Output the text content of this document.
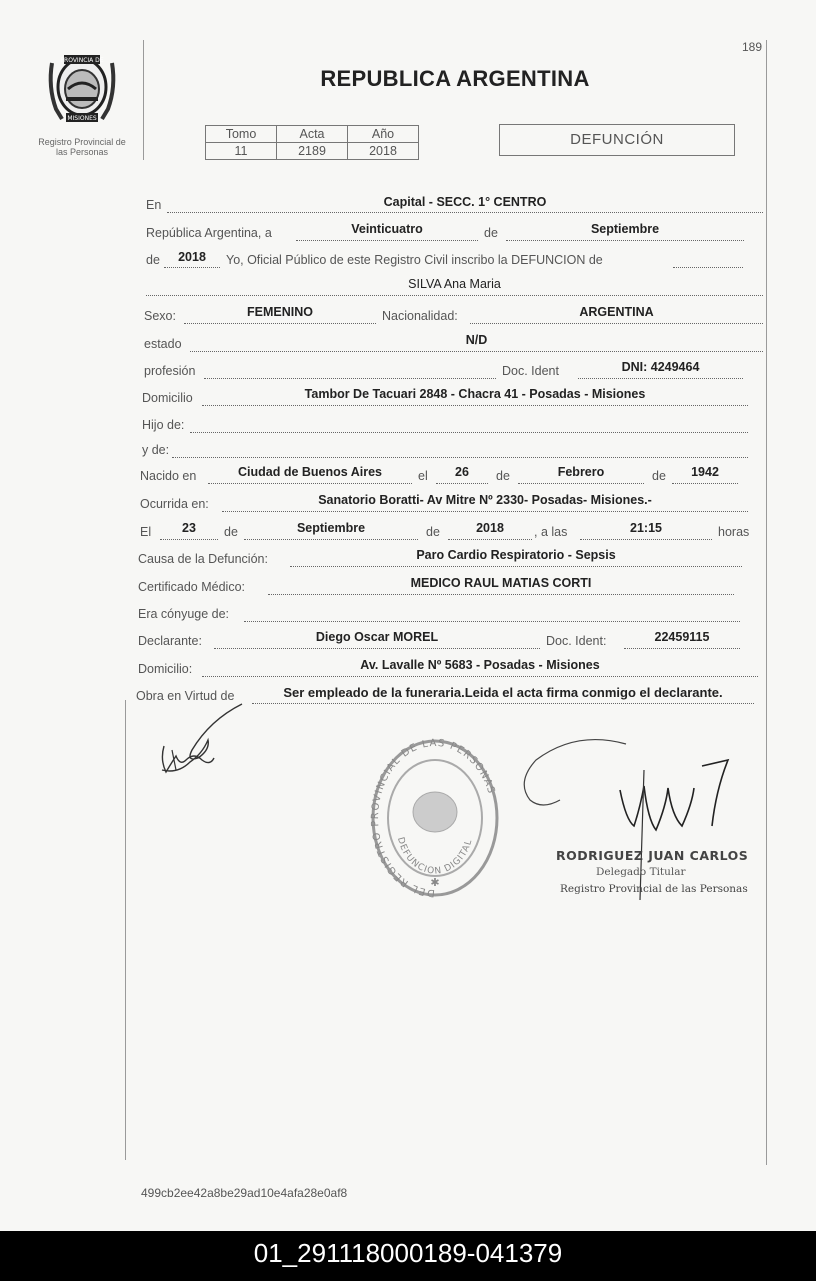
189
PROVINCIA DE
MISIONES
Registro Provincial de
las Personas
REPUBLICA ARGENTINA
Tomo	Acta	Año
11	2189	2018
DEFUNCIÓN
En	Capital - SECC. 1° CENTRO
República Argentina, a	Veinticuatro	de	Septiembre
de	2018	Yo, Oficial Público de este Registro Civil inscribo la DEFUNCION de
SILVA Ana Maria
Sexo:	FEMENINO	Nacionalidad:	ARGENTINA
estado	N/D
profesión	Doc. Ident	DNI: 4249464
Domicilio	Tambor De Tacuari 2848 - Chacra 41 - Posadas - Misiones
Hijo de:
y de:
Nacido en	Ciudad de Buenos Aires	el	26	de	Febrero	de	1942
Ocurrida en:	Sanatorio Boratti- Av Mitre Nº 2330- Posadas- Misiones.-
El	23	de	Septiembre	de	2018	, a las	21:15	horas
Causa de la Defunción:	Paro Cardio Respiratorio - Sepsis
Certificado Médico:	MEDICO RAUL MATIAS CORTI
Era cónyuge de:
Declarante:	Diego Oscar MOREL	Doc. Ident:	22459115
Domicilio:	Av. Lavalle Nº 5683 - Posadas - Misiones
Obra en Virtud de	Ser empleado de la funeraria.Leida el acta firma conmigo el declarante.
DEL REGISTRO PROVINCIAL DE LAS PERSONAS
DEFUNCION DIGITAL
✱
RODRIGUEZ JUAN CARLOS
Delegado Titular
Registro Provincial de las Personas
499cb2ee42a8be29ad10e4afa28e0af8
01_291118000189-041379
